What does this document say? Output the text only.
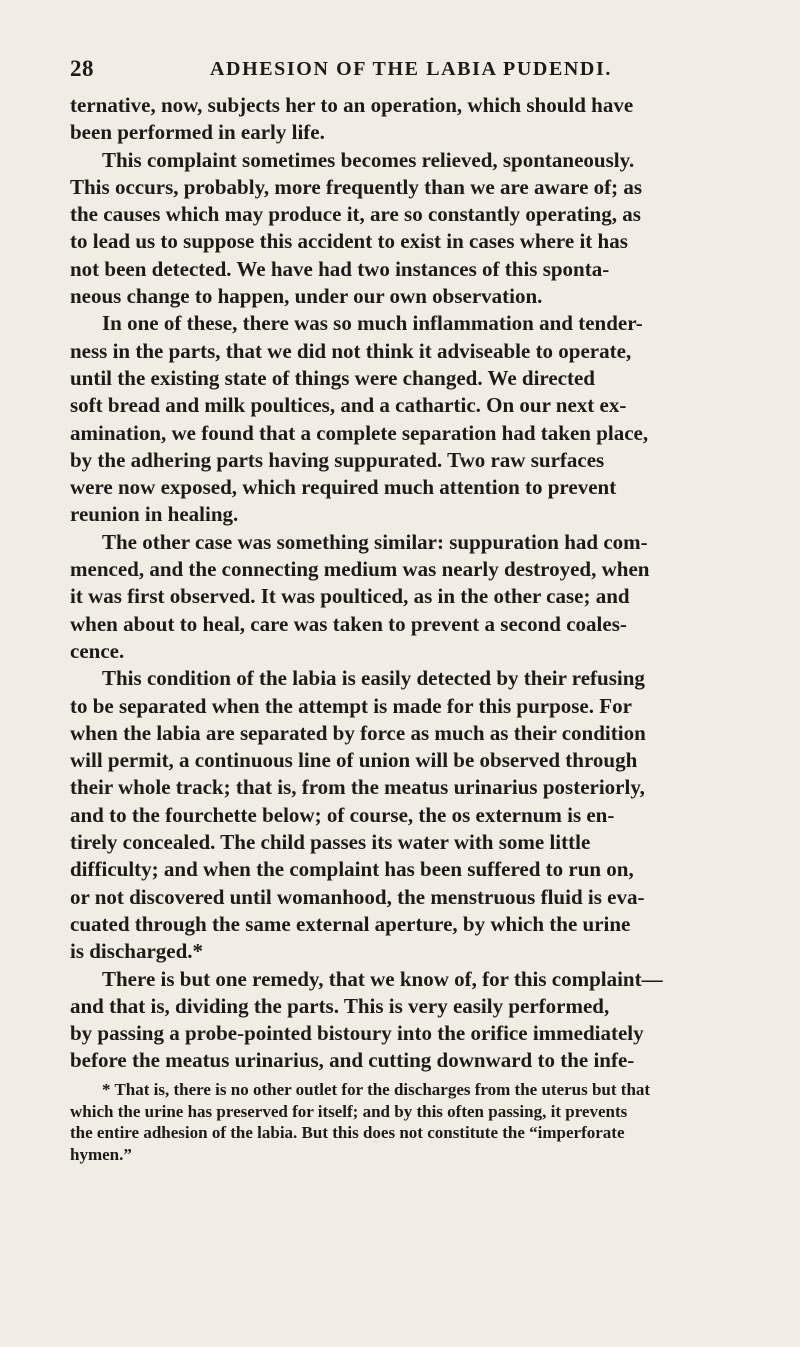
28	ADHESION OF THE LABIA PUDENDI.
ternative, now, subjects her to an operation, which should have
been performed in early life.
This complaint sometimes becomes relieved, spontaneously.
This occurs, probably, more frequently than we are aware of; as
the causes which may produce it, are so constantly operating, as
to lead us to suppose this accident to exist in cases where it has
not been detected. We have had two instances of this sponta-
neous change to happen, under our own observation.
In one of these, there was so much inflammation and tender-
ness in the parts, that we did not think it adviseable to operate,
until the existing state of things were changed. We directed
soft bread and milk poultices, and a cathartic. On our next ex-
amination, we found that a complete separation had taken place,
by the adhering parts having suppurated. Two raw surfaces
were now exposed, which required much attention to prevent
reunion in healing.
The other case was something similar: suppuration had com-
menced, and the connecting medium was nearly destroyed, when
it was first observed. It was poulticed, as in the other case; and
when about to heal, care was taken to prevent a second coales-
cence.
This condition of the labia is easily detected by their refusing
to be separated when the attempt is made for this purpose. For
when the labia are separated by force as much as their condition
will permit, a continuous line of union will be observed through
their whole track; that is, from the meatus urinarius posteriorly,
and to the fourchette below; of course, the os externum is en-
tirely concealed. The child passes its water with some little
difficulty; and when the complaint has been suffered to run on,
or not discovered until womanhood, the menstruous fluid is eva-
cuated through the same external aperture, by which the urine
is discharged.*
There is but one remedy, that we know of, for this complaint—
and that is, dividing the parts. This is very easily performed,
by passing a probe-pointed bistoury into the orifice immediately
before the meatus urinarius, and cutting downward to the infe-
* That is, there is no other outlet for the discharges from the uterus but that
which the urine has preserved for itself; and by this often passing, it prevents
the entire adhesion of the labia. But this does not constitute the “imperforate
hymen.”
